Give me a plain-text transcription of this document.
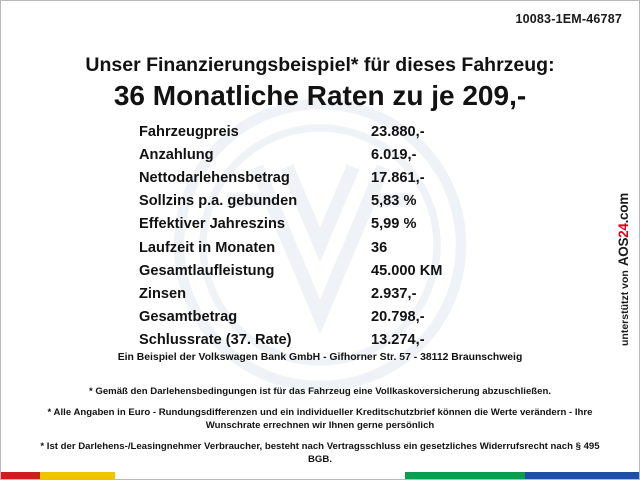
10083-1EM-46787
Unser Finanzierungsbeispiel* für dieses Fahrzeug:
36 Monatliche Raten zu je 209,-
Fahrzeugpreis	23.880,-
Anzahlung	6.019,-
Nettodarlehensbetrag	17.861,-
Sollzins p.a. gebunden	5,83 %
Effektiver Jahreszins	5,99 %
Laufzeit in Monaten	36
Gesamtlaufleistung	45.000 KM
Zinsen	2.937,-
Gesamtbetrag	20.798,-
Schlussrate (37. Rate)	13.274,-
Ein Beispiel der Volkswagen Bank GmbH - Gifhorner Str. 57 - 38112 Braunschweig
* Gemäß den Darlehensbedingungen ist für das Fahrzeug eine Vollkaskoversicherung abzuschließen.
* Alle Angaben in Euro - Rundungsdifferenzen und ein individueller Kreditschutzbrief können die Werte verändern - Ihre Wunschrate errechnen wir Ihnen gerne persönlich
* Ist der Darlehens-/Leasingnehmer Verbraucher, besteht nach Vertragsschluss ein gesetzliches Widerrufsrecht nach § 495 BGB.
unterstützt von
AOS24.com
